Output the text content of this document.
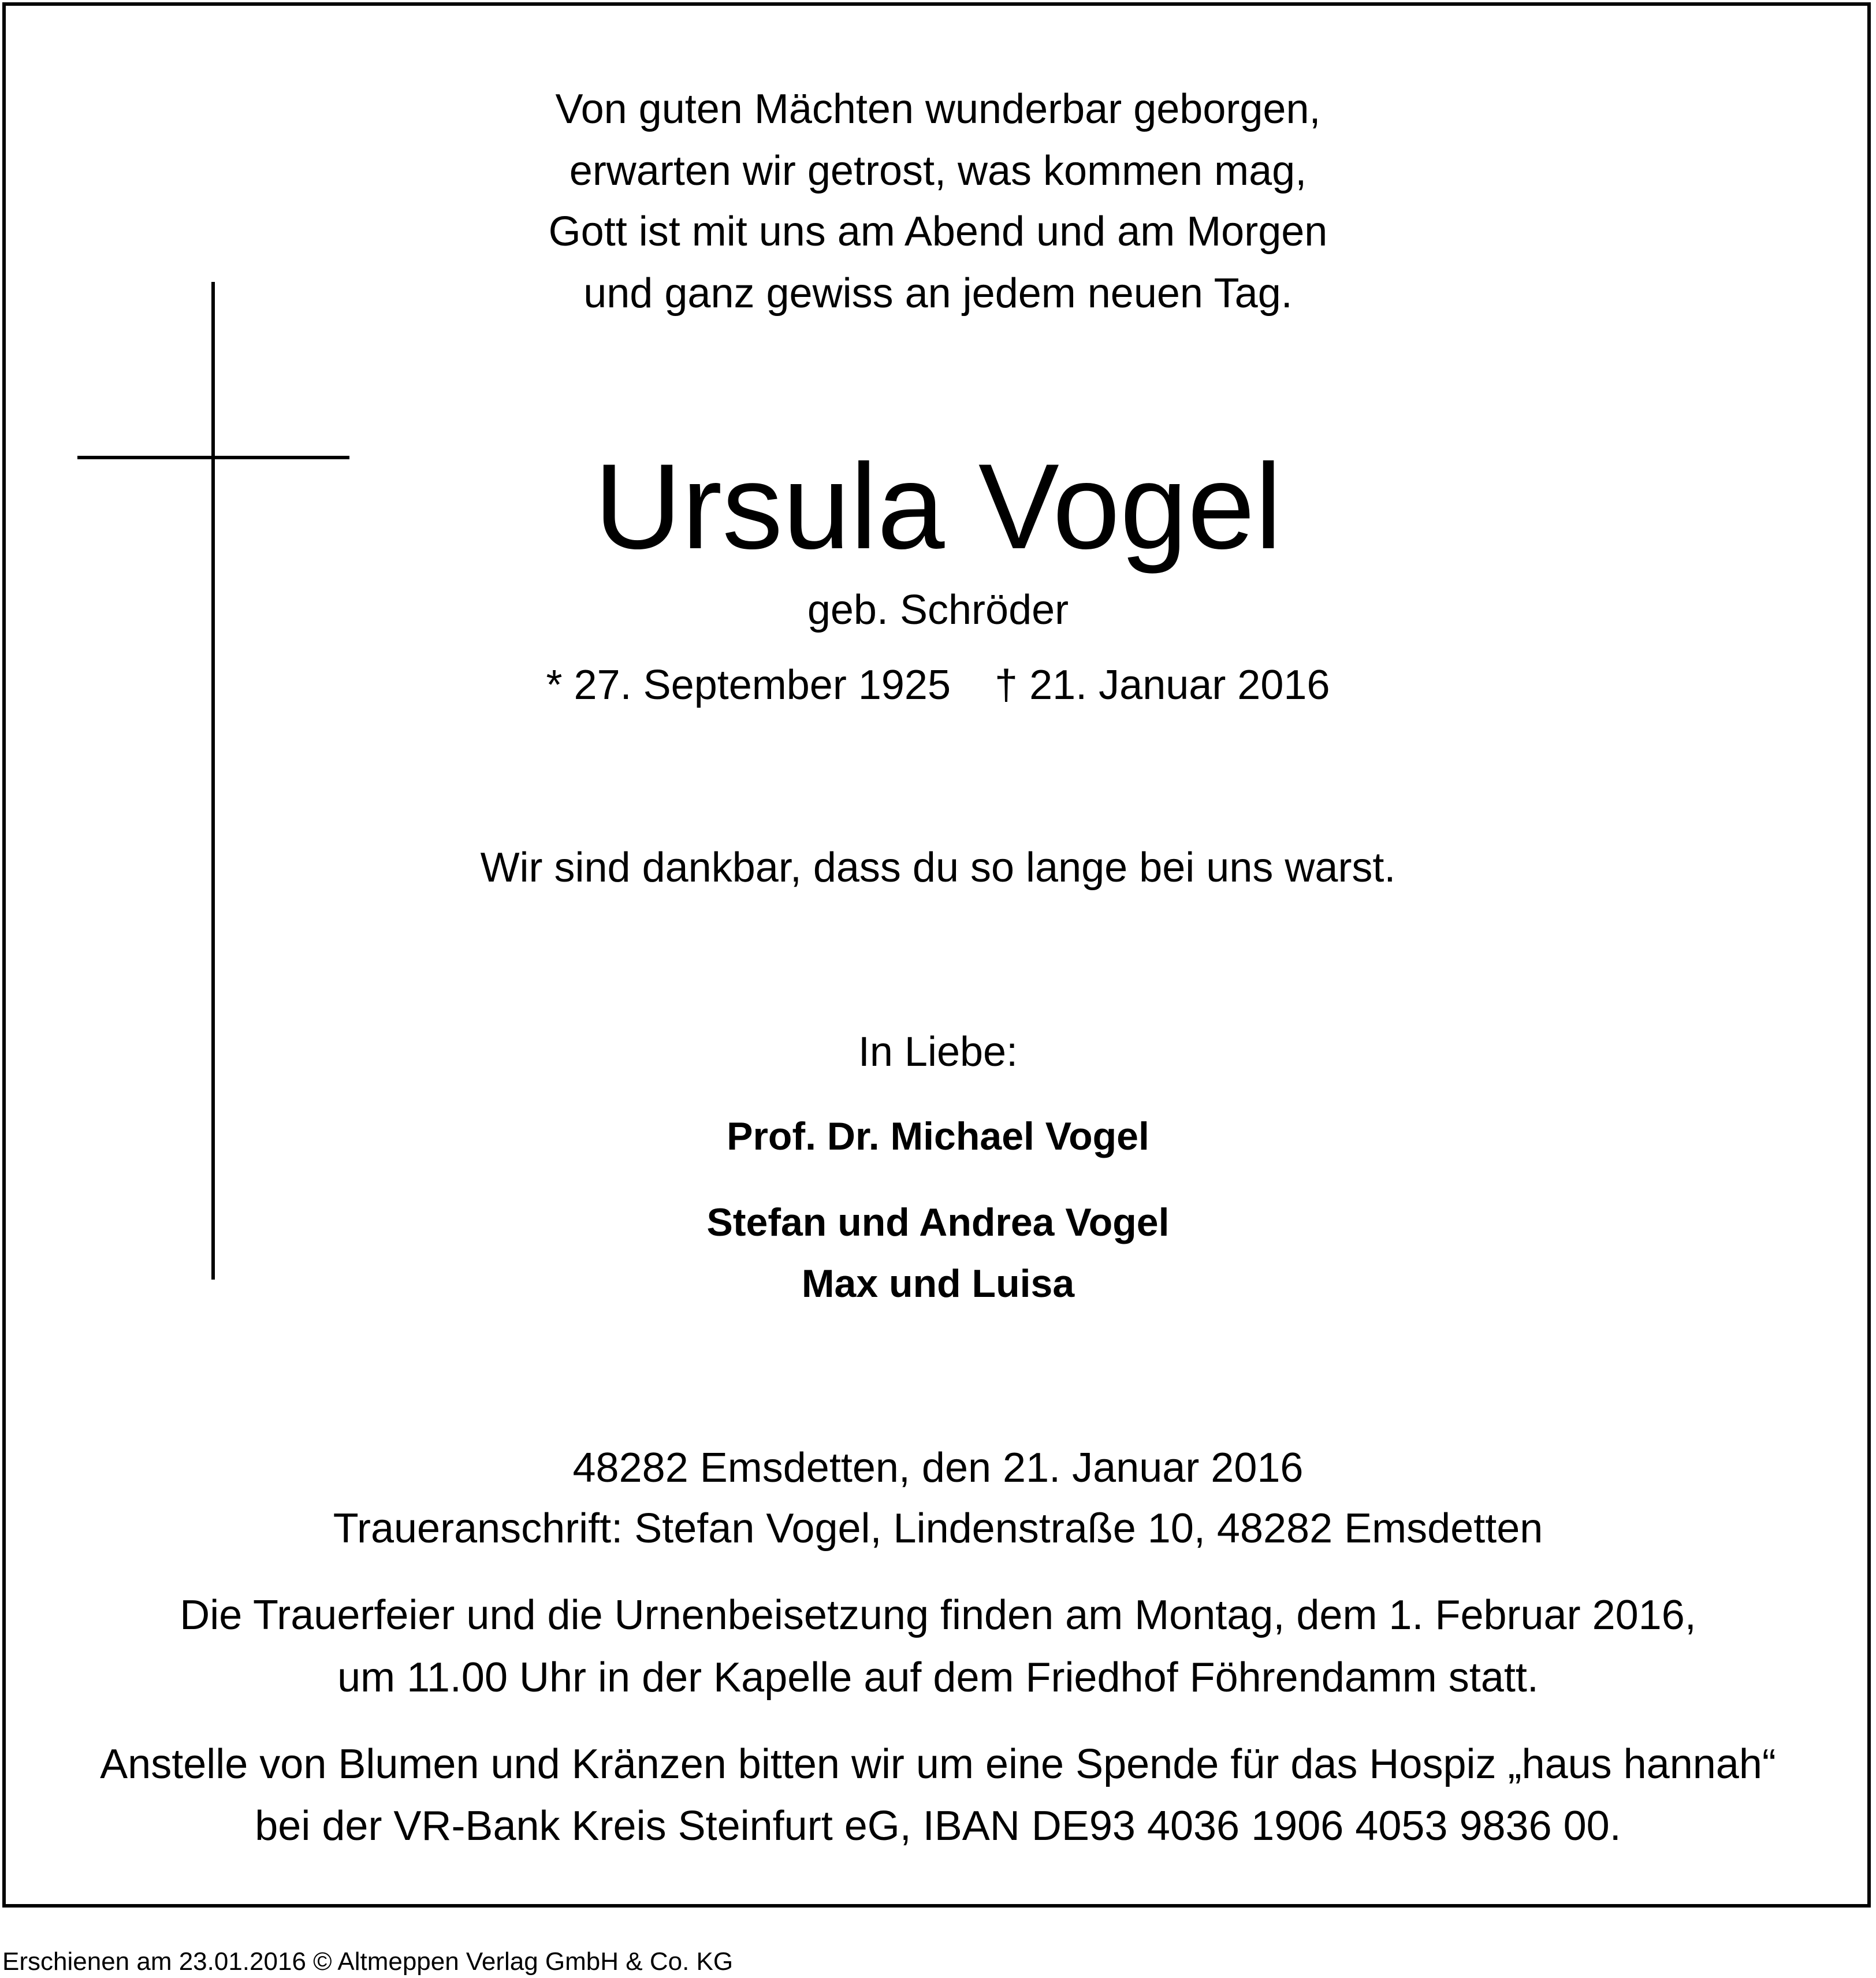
Von guten Mächten wunderbar geborgen,

erwarten wir getrost, was kommen mag,

Gott ist mit uns am Abend und am Morgen

und ganz gewiss an jedem neuen Tag.

Ursula Vogel

geb. Schröder

* 27. September 1925 † 21. Januar 2016

Wir sind dankbar, dass du so lange bei uns warst.

In Liebe:

Prof. Dr. Michael Vogel

Stefan und Andrea Vogel

Max und Luisa

48282 Emsdetten, den 21. Januar 2016

Traueranschrift: Stefan Vogel, Lindenstraße 10, 48282 Emsdetten

Die Trauerfeier und die Urnenbeisetzung finden am Montag, dem 1. Februar 2016,

um 11.00 Uhr in der Kapelle auf dem Friedhof Föhrendamm statt.

Anstelle von Blumen und Kränzen bitten wir um eine Spende für das Hospiz „haus hannah“

bei der VR-Bank Kreis Steinfurt eG, IBAN DE93 4036 1906 4053 9836 00.

Erschienen am 23.01.2016 © Altmeppen Verlag GmbH & Co. KG
